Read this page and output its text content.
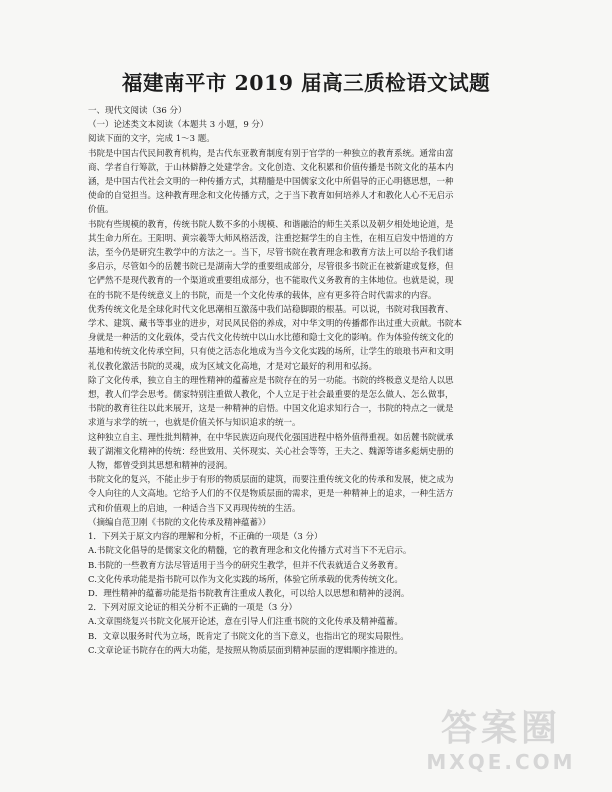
福建南平市 2019 届高三质检语文试题

一、现代文阅读（36 分）

（一）论述类文本阅读（本题共 3 小题，9 分）

阅读下面的文字，完成 1～3 题。

书院是中国古代民间教育机构，是古代东亚教育制度有别于官学的一种独立的教育系统。通常由富

商、学者自行筹款，于山林僻静之处建学舍。文化创造、文化积累和价值传播是书院文化的基本内

涵，是中国古代社会文明的一种传播方式，其精髓是中国儒家文化中所倡导的正心明德思想，一种

使命的自觉担当。这种教育理念和文化传播方式，之于当下教育如何培养人才和教化人心不无启示

价值。

书院有些规模的教育，传统书院人数不多的小规模、和谐融洽的师生关系以及朝夕相处地论道，是

其生命力所在。王阳明、黄宗羲等大师风格活泼，注重挖掘学生的自主性，在相互启发中悟道的方

法，至今仍是研究生教学中的方法之一。当下，尽管书院在教育理念和教育方法上可以给予我们诸

多启示，尽管如今的岳麓书院已是湖南大学的重要组成部分，尽管很多书院正在被新建或复修，但

它俨然不是现代教育的一个渠道或重要组成部分，也不能取代义务教育的主体地位。也就是说，现

在的书院不是传统意义上的书院，而是一个文化传承的载体，应有更多符合时代需求的内容。

优秀传统文化是全球化时代文化思潮相互激荡中我们站稳脚跟的根基。可以说，书院对我国教育、

学术、建筑、藏书等事业的进步，对民风民俗的养成，对中华文明的传播都作出过重大贡献。书院本

身就是一种活的文化载体，受古代文化传统中以山水比德和隐士文化的影响。作为体验传统文化的

基地和传统文化传承空间，只有使之活态化地成为当今文化实践的场所，让学生的琅琅书声和文明

礼仪教化激活书院的灵魂，成为区域文化高地，才是对它最好的利用和弘扬。

除了文化传承，独立自主的理性精神的蕴蓄应是书院存在的另一功能。书院的终极意义是给人以思

想，教人们学会思考。儒家特别注重做人教化，个人立足于社会最重要的是怎么做人、怎么做事，

书院的教育往往以此来展开，这是一种精神的启悟。中国文化追求知行合一，书院的特点之一就是

求道与求学的统一，也就是价值关怀与知识追求的统一。

这种独立自主、理性批判精神，在中华民族迈向现代化强国进程中格外值得重视。如岳麓书院就承

载了湖湘文化精神的传统：经世致用、关怀现实、关心社会等等，王夫之、魏源等诸多彪炳史册的

人物，都曾受到其思想和精神的浸润。

书院文化的复兴，不能止步于有形的物质层面的建筑，而要注重传统文化的传承和发展，使之成为

令人向往的人文高地。它给予人们的不仅是物质层面的需求，更是一种精神上的追求，一种生活方

式和价值观上的启迪，一种适合当下又再现传统的生活。

（摘编自范卫刚《书院的文化传承及精神蕴蓄》）

1．下列关于原文内容的理解和分析，不正确的一项是（3 分）

A.书院文化倡导的是儒家文化的精髓，它的教育理念和文化传播方式对当下不无启示。

B.书院的一些教育方法尽管适用于当今的研究生教学，但并不代表就适合义务教育。

C.文化传承功能是指书院可以作为文化实践的场所，体验它所承载的优秀传统文化。

D．理性精神的蕴蓄功能是指书院教育注重成人教化，可以给人以思想和精神的浸润。

2．下列对原文论证的相关分析不正确的一项是（3 分）

A.文章围绕复兴书院文化展开论述，意在引导人们注重书院的文化传承及精神蕴蓄。

B．文章以服务时代为立场，既肯定了书院文化的当下意义，也指出它的现实局限性。

C.文章论证书院存在的两大功能，是按照从物质层面到精神层面的逻辑顺序推进的。

答案圈
MXQE.COM
